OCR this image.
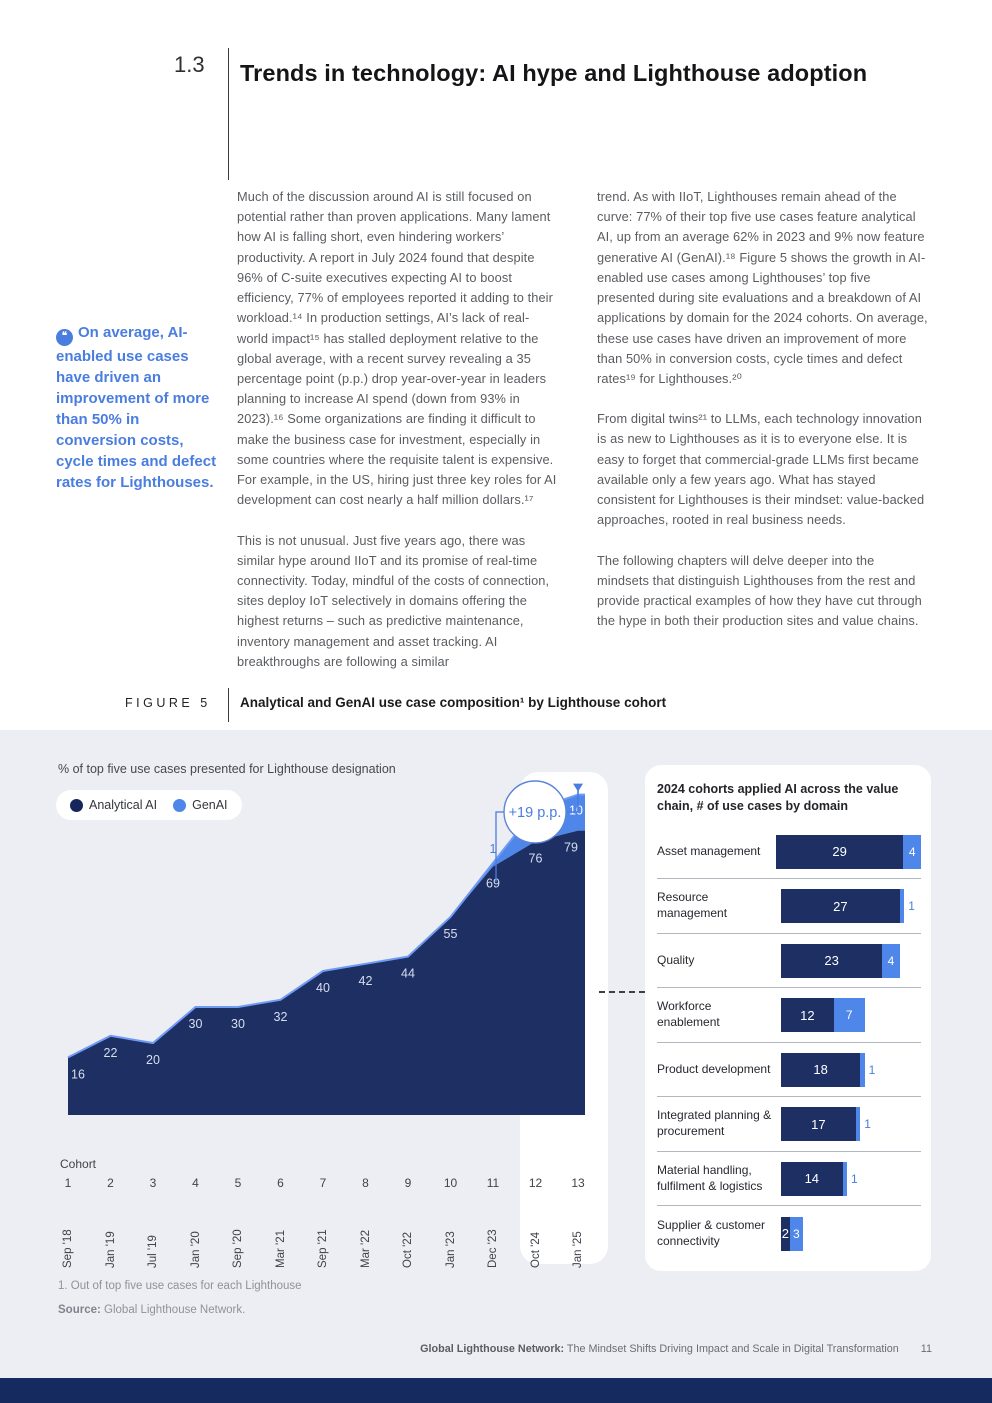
1.3 Trends in technology: AI hype and Lighthouse adoption
❝ On average, AI-enabled use cases have driven an improvement of more than 50% in conversion costs, cycle times and defect rates for Lighthouses.

Much of the discussion around AI is still focused on potential rather than proven applications. Many lament how AI is falling short, even hindering workers’ productivity. A report in July 2024 found that despite 96% of C-suite executives expecting AI to boost efficiency, 77% of employees reported it adding to their workload.¹⁴ In production settings, AI’s lack of real-world impact¹⁵ has stalled deployment relative to the global average, with a recent survey revealing a 35 percentage point (p.p.) drop year-over-year in leaders planning to increase AI spend (down from 93% in 2023).¹⁶ Some organizations are finding it difficult to make the business case for investment, especially in some countries where the requisite talent is expensive. For example, in the US, hiring just three key roles for AI development can cost nearly a half million dollars.¹⁷

This is not unusual. Just five years ago, there was similar hype around IIoT and its promise of real-time connectivity. Today, mindful of the costs of connection, sites deploy IoT selectively in domains offering the highest returns – such as predictive maintenance, inventory management and asset tracking. AI breakthroughs are following a similar

trend. As with IIoT, Lighthouses remain ahead of the curve: 77% of their top five use cases feature analytical AI, up from an average 62% in 2023 and 9% now feature generative AI (GenAI).¹⁸ Figure 5 shows the growth in AI-enabled use cases among Lighthouses’ top five presented during site evaluations and a breakdown of AI applications by domain for the 2024 cohorts. On average, these use cases have driven an improvement of more than 50% in conversion costs, cycle times and defect rates¹⁹ for Lighthouses.²⁰

From digital twins²¹ to LLMs, each technology innovation is as new to Lighthouses as it is to everyone else. It is easy to forget that commercial-grade LLMs first became available only a few years ago. What has stayed consistent for Lighthouses is their mindset: value-backed approaches, rooted in real business needs.

The following chapters will delve deeper into the mindsets that distinguish Lighthouses from the rest and provide practical examples of how they have cut through the hype in both their production sites and value chains.

FIGURE 5 Analytical and GenAI use case composition¹ by Lighthouse cohort
% of top five use cases presented for Lighthouse designation
Analytical AI	GenAI
16
22
20
30 30
32
40
42
44
55
69
76
79
1
10
+19 p.p.
Cohort
1
Sep '18
2
Jan '19
3
Jul '19
4
Jan '20
5
Sep '20
6
Mar '21
7
Sep '21
8
Mar '22
9
Oct '22
10
Jan '23
11
Dec '23
12
Oct '24
13
Jan '25
2024 cohorts applied AI across the value chain, # of use cases by domain
Asset management	29	4
Resource management	27	1
Quality	23	4
Workforce enablement	12	7
Product development	18	1
Integrated planning & procurement	17	1
Material handling, fulfilment & logistics	14	1
Supplier & customer connectivity	2 3
1. Out of top five use cases for each Lighthouse
Source: Global Lighthouse Network.
Global Lighthouse Network: The Mindset Shifts Driving Impact and Scale in Digital Transformation 11
